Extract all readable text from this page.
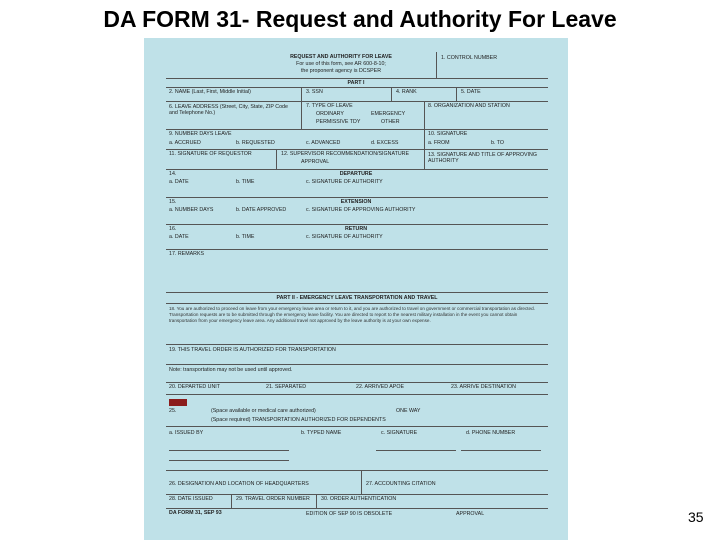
DA FORM 31- Request and Authority For Leave
REQUEST AND AUTHORITY FOR LEAVE
For use of this form, see AR 600-8-10;
the proponent agency is DCSPER
1. CONTROL NUMBER
PART I
2. NAME (Last, First, Middle Initial)	3. SSN	4. RANK	5. DATE
6. LEAVE ADDRESS (Street, City, State, ZIP Code and Telephone No.)
7. TYPE OF LEAVE
ORDINARY	EMERGENCY
PERMISSIVE TDY	OTHER
8. ORGANIZATION AND STATION
9. NUMBER DAYS LEAVE
a. ACCRUED	b. REQUESTED	c. ADVANCED	d. EXCESS
10. SIGNATURE
a. FROM	b. TO
11. SIGNATURE OF REQUESTOR	12. SUPERVISOR RECOMMENDATION/SIGNATURE
APPROVAL
13. SIGNATURE AND TITLE OF APPROVING AUTHORITY
14.	DEPARTURE
a. DATE	b. TIME	c. SIGNATURE OF AUTHORITY
15.	EXTENSION
a. NUMBER DAYS	b. DATE APPROVED	c. SIGNATURE OF APPROVING AUTHORITY
16.	RETURN
a. DATE	b. TIME	c. SIGNATURE OF AUTHORITY
17. REMARKS
PART II - EMERGENCY LEAVE TRANSPORTATION AND TRAVEL
18. You are authorized to proceed on leave from your emergency leave area or return to it, and you are authorized to travel on government or commercial transportation as directed. Transportation requests are to be submitted through the emergency leave facility. You are directed to report to the nearest military installation in the event you cannot obtain transportation from your emergency leave area. Any additional travel not approved by the leave authority is at your own expense.
19. THIS TRAVEL ORDER IS AUTHORIZED FOR TRANSPORTATION
Note: transportation may not be used until approved.
20. DEPARTED UNIT	21. SEPARATED	22. ARRIVED APOE	23. ARRIVE DESTINATION
25.	(Space available or medical care authorized)	ONE WAY
(Space required) TRANSPORTATION AUTHORIZED FOR DEPENDENTS
a. ISSUED BY	b. TYPED NAME	c. SIGNATURE	d. PHONE NUMBER
26. DESIGNATION AND LOCATION OF HEADQUARTERS	27. ACCOUNTING CITATION
28. DATE ISSUED	29. TRAVEL ORDER NUMBER 30. ORDER AUTHENTICATION
DA FORM 31, SEP 93	EDITION OF SEP 90 IS OBSOLETE	APPROVAL	35
